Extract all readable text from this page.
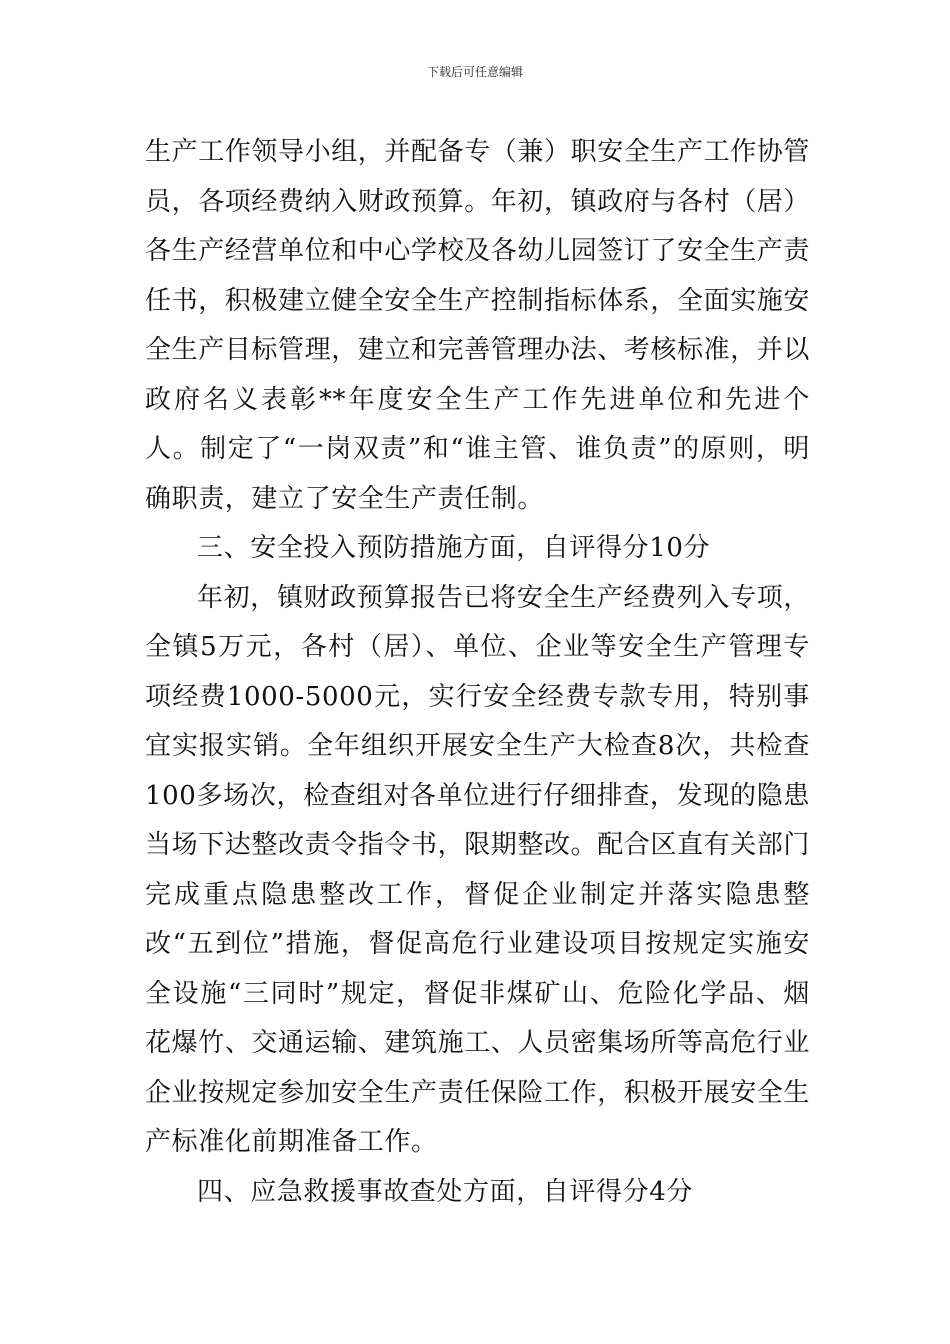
下载后可任意编辑

生产工作领导小组，并配备专（兼）职安全生产工作协管员，各项经费纳入财政预算。年初，镇政府与各村（居）各生产经营单位和中心学校及各幼儿园签订了安全生产责任书，积极建立健全安全生产控制指标体系，全面实施安全生产目标管理，建立和完善管理办法、考核标准，并以政府名义表彰**年度安全生产工作先进单位和先进个人。制定了“一岗双责”和“谁主管、谁负责”的原则，明确职责，建立了安全生产责任制。

三、安全投入预防措施方面，自评得分10分

年初，镇财政预算报告已将安全生产经费列入专项，全镇5万元，各村（居）、单位、企业等安全生产管理专项经费1000-5000元，实行安全经费专款专用，特别事宜实报实销。全年组织开展安全生产大检查8次，共检查100多场次，检查组对各单位进行仔细排查，发现的隐患当场下达整改责令指令书，限期整改。配合区直有关部门完成重点隐患整改工作，督促企业制定并落实隐患整改“五到位”措施，督促高危行业建设项目按规定实施安全设施“三同时”规定，督促非煤矿山、危险化学品、烟花爆竹、交通运输、建筑施工、人员密集场所等高危行业企业按规定参加安全生产责任保险工作，积极开展安全生产标准化前期准备工作。

四、应急救援事故查处方面，自评得分4分
